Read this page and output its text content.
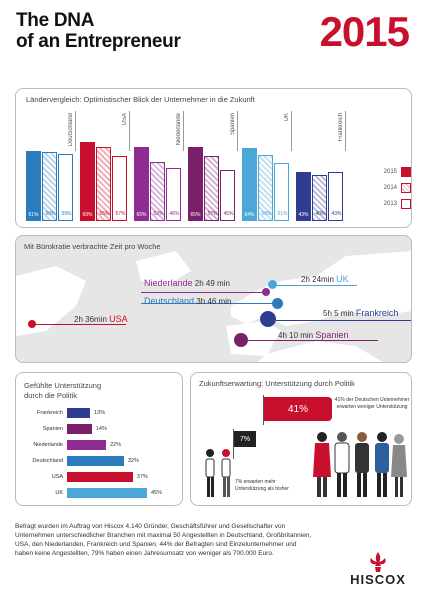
The DNA
of an Entrepreneur	2015
Ländervergleich: Optimistischer Blick der Unternehmer in die Zukunft
Deutschland
61%	60%	59%
USA
69%	65%	57%
Niederlande
65%	52%	46%
Spanien
65%	57%	45%
UK
64%	58%	51%
Frankreich
43%	40%	43%
2015
2014
2013
Mit Bürokratie verbrachte Zeit pro Woche
Niederlande 2h 49 min
Deutschland 3h 46 min
2h 24min UK
2h 36min USA
5h 5 min Frankreich
4h 10 min Spanien
Gefühlte Unterstützung
durch die Politik
Frankreich	13%
Spanien	14%
Niederlande	22%
Deutschland	32%
USA	37%
UK	45%
Zukunftserwartung: Unterstützung durch Politik
41%
41% der Deutschen Unternehmer erwarten weniger Unterstützung
7%
7% erwarten mehr Unterstützung als bisher
Befragt wurden im Auftrag von Hiscox 4.140 Gründer, Geschäftsführer und Gesellschafter von Unternehmen unterschiedlicher Branchen mit maximal 50 Angestellten in Deutschland, Großbritannien, USA, den Niederlanden, Frankreich und Spanien. 44% der Befragten sind Einzelunternehmer und haben keine Angestellten, 79% haben einen Jahresumsatz von weniger als 700.000 Euro.
HISCOX
